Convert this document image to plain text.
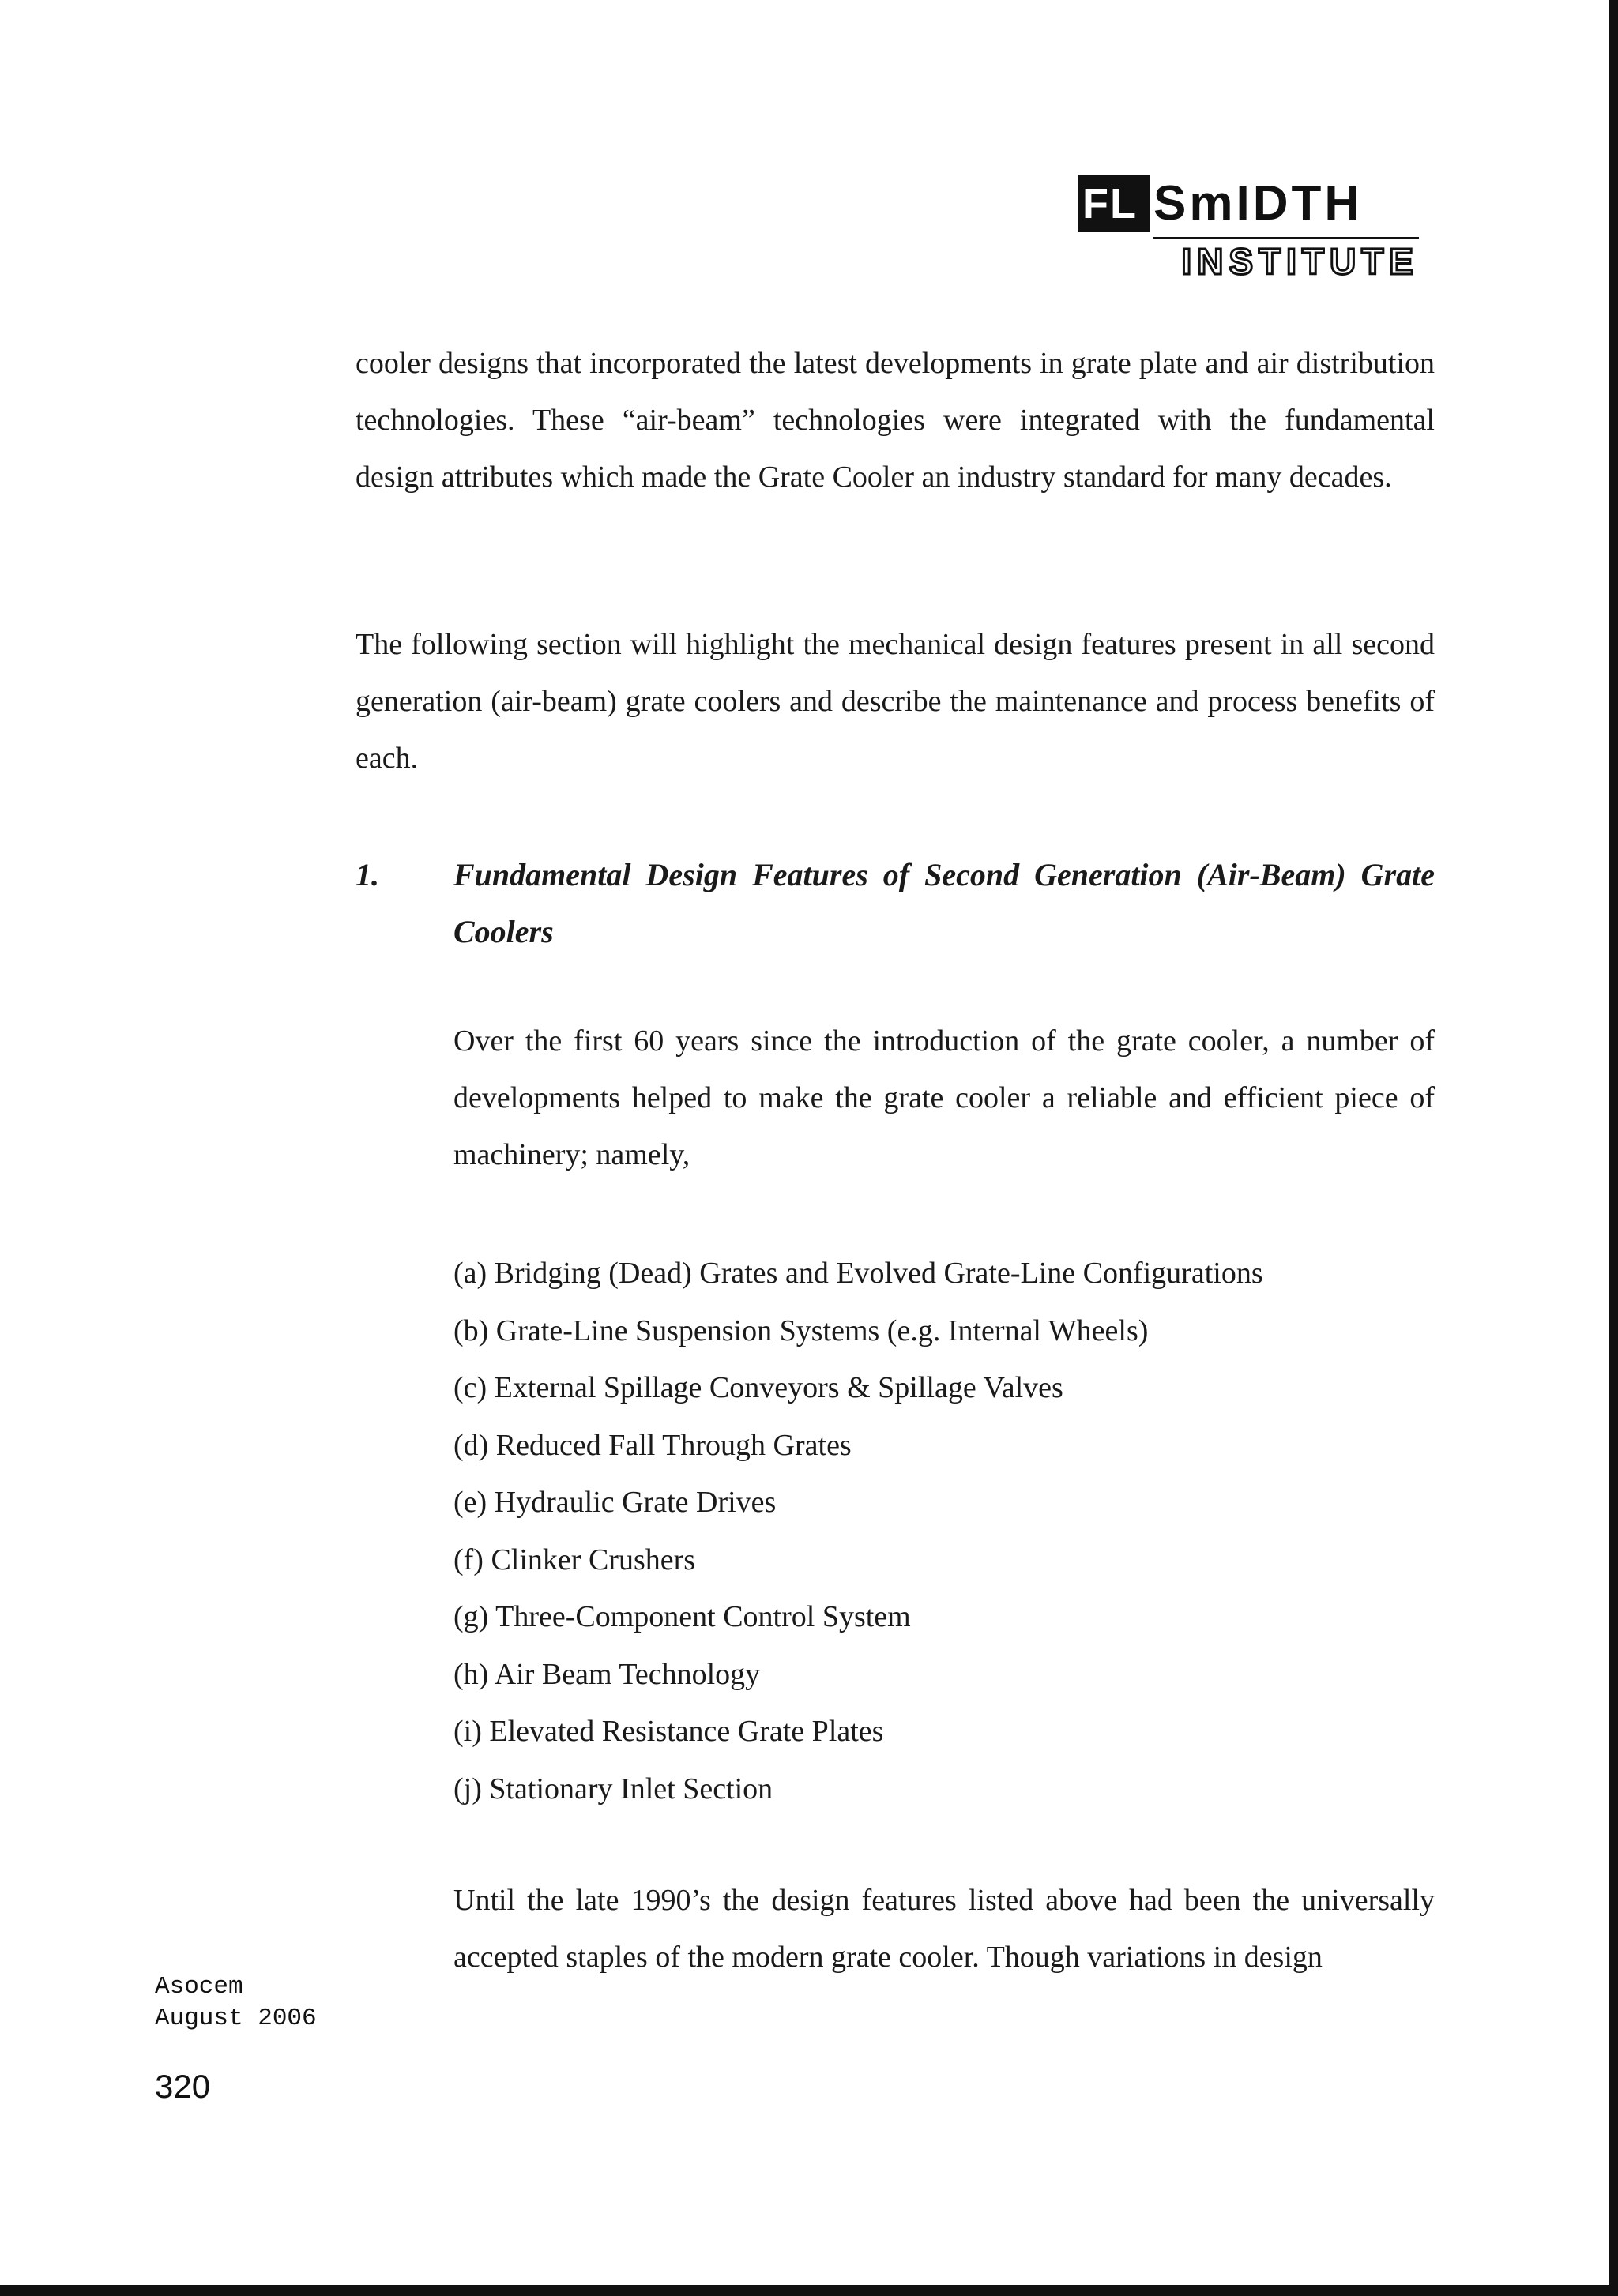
FL SmIDTH
INSTITUTE

cooler designs that incorporated the latest developments in grate plate and air distribution technologies. These “air-beam” technologies were integrated with the fundamental design attributes which made the Grate Cooler an industry standard for many decades.

The following section will highlight the mechanical design features present in all second generation (air-beam) grate coolers and describe the maintenance and process benefits of each.

1. Fundamental Design Features of Second Generation (Air-Beam) Grate Coolers

Over the first 60 years since the introduction of the grate cooler, a number of developments helped to make the grate cooler a reliable and efficient piece of machinery; namely,

(a) Bridging (Dead) Grates and Evolved Grate-Line Configurations
(b) Grate-Line Suspension Systems (e.g. Internal Wheels)
(c) External Spillage Conveyors & Spillage Valves
(d) Reduced Fall Through Grates
(e) Hydraulic Grate Drives
(f) Clinker Crushers
(g) Three-Component Control System
(h) Air Beam Technology
(i) Elevated Resistance Grate Plates
(j) Stationary Inlet Section

Until the late 1990’s the design features listed above had been the universally accepted staples of the modern grate cooler. Though variations in design

Asocem
August 2006
320
